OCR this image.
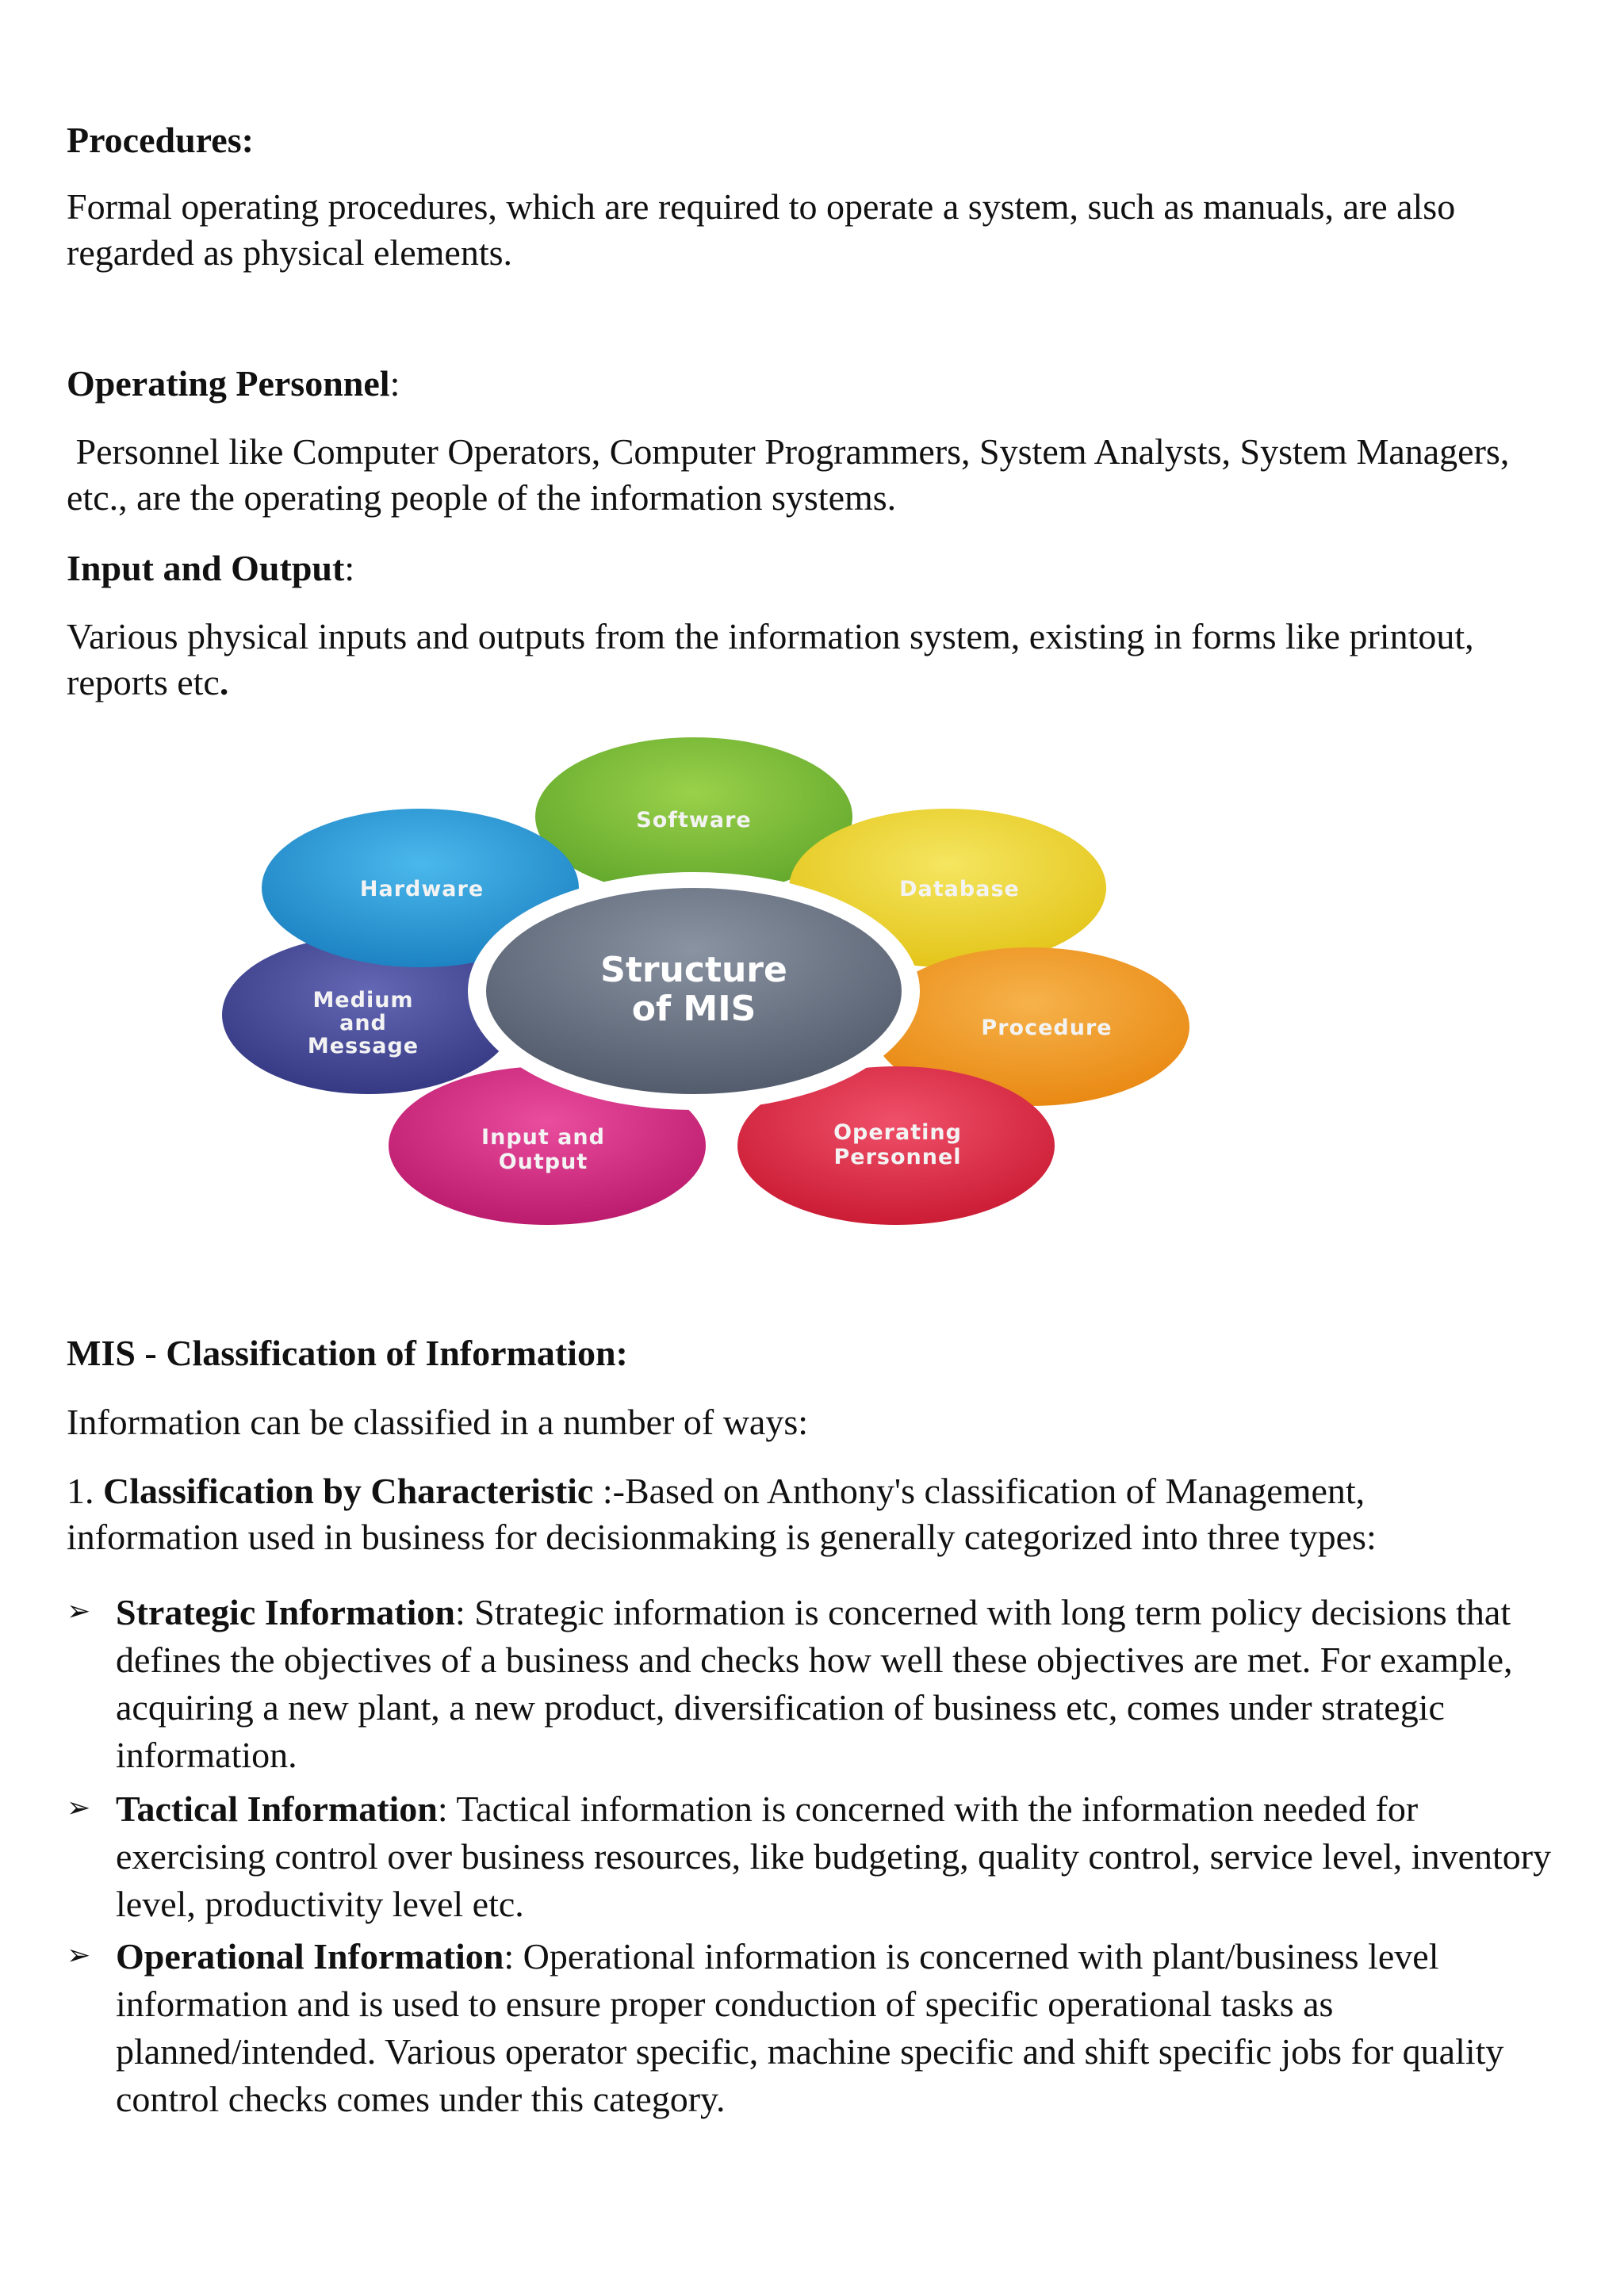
Procedures:
Formal operating procedures, which are required to operate a system, such as manuals, are also regarded as physical elements.
Operating Personnel:
Personnel like Computer Operators, Computer Programmers, System Analysts, System Managers, etc., are the operating people of the information systems.
Input and Output:
Various physical inputs and outputs from the information system, existing in forms like printout, reports etc.
Software
Database
Procedure
Operating
Personnel
Input and
Output
Medium
and
Message
Hardware
Structure
of MIS
MIS - Classification of Information:
Information can be classified in a number of ways:
1. Classification by Characteristic :-Based on Anthony's classification of Management, information used in business for decisionmaking is generally categorized into three types:
➢ Strategic Information: Strategic information is concerned with long term policy decisions that defines the objectives of a business and checks how well these objectives are met. For example, acquiring a new plant, a new product, diversification of business etc, comes under strategic information.
➢ Tactical Information: Tactical information is concerned with the information needed for exercising control over business resources, like budgeting, quality control, service level, inventory level, productivity level etc.
➢ Operational Information: Operational information is concerned with plant/business level information and is used to ensure proper conduction of specific operational tasks as planned/intended. Various operator specific, machine specific and shift specific jobs for quality control checks comes under this category.
